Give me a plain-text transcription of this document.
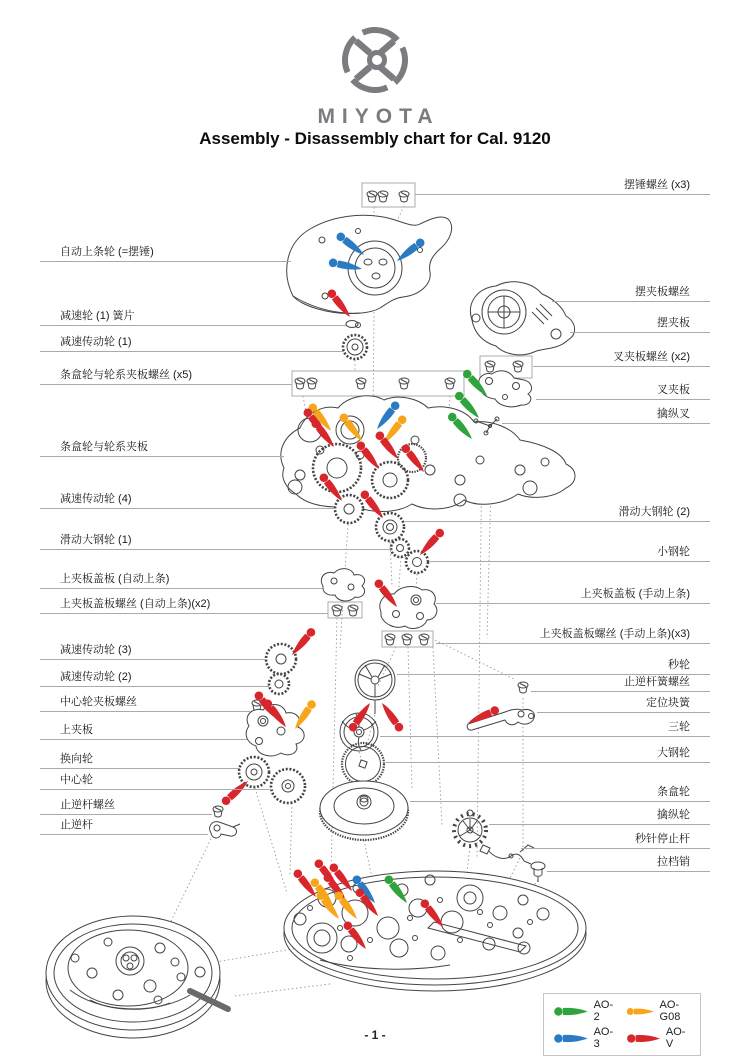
MIYOTA
Assembly - Disassembly chart for Cal. 9120
自动上条轮 (=摆锤)
减速轮 (1) 簧片
减速传动轮 (1)
条盒轮与轮系夹板螺丝 (x5)
条盒轮与轮系夹板
减速传动轮 (4)
滑动大钢轮 (1)
上夹板盖板 (自动上条)
上夹板盖板螺丝 (自动上条)(x2)
减速传动轮 (3)
减速传动轮 (2)
中心轮夹板螺丝
上夹板
换向轮
中心轮
止逆杆螺丝
止逆杆
摆锤螺丝 (x3)
摆夹板螺丝
摆夹板
叉夹板螺丝 (x2)
叉夹板
擒纵叉
滑动大钢轮 (2)
小钢轮
上夹板盖板 (手动上条)
上夹板盖板螺丝 (手动上条)(x3)
秒轮
止逆杆簧螺丝
定位块簧
三轮
大钢轮
条盒轮
擒纵轮
秒针停止杆
拉档销
AO-2
AO-G08
AO-3
AO-V
- 1 -
